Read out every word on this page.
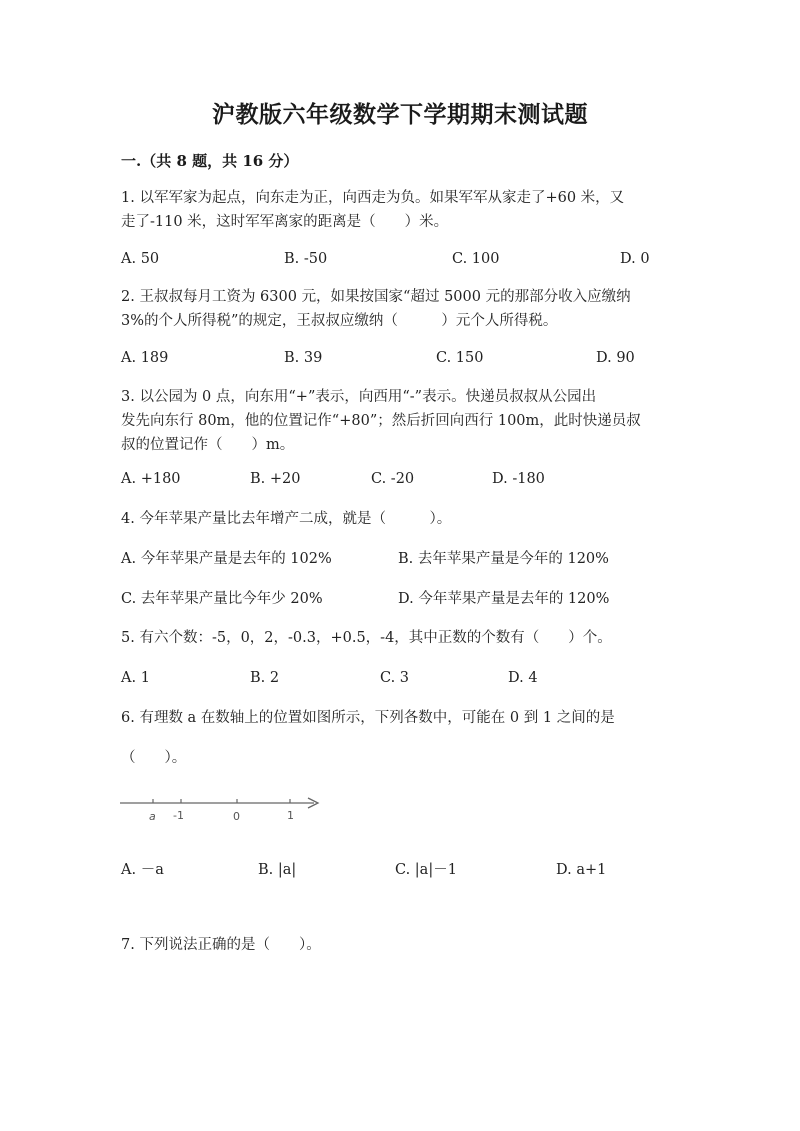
沪教版六年级数学下学期期末测试题
一.（共 8 题，共 16 分）
1. 以军军家为起点，向东走为正，向西走为负。如果军军从家走了+60 米，又
走了-110 米，这时军军离家的距离是（　　）米。
A. 50	B. -50	C. 100	D. 0
2. 王叔叔每月工资为 6300 元，如果按国家“超过 5000 元的那部分收入应缴纳
3%的个人所得税”的规定，王叔叔应缴纳（　　　）元个人所得税。
A. 189	B. 39	C. 150	D. 90
3. 以公园为 0 点，向东用“+”表示，向西用“-”表示。快递员叔叔从公园出
发先向东行 80m，他的位置记作“+80”；然后折回向西行 100m，此时快递员叔
叔的位置记作（　　）m。
A. +180	B. +20	C. -20	D. -180
4. 今年苹果产量比去年增产二成，就是（　　　）。
A. 今年苹果产量是去年的 102%	B. 去年苹果产量是今年的 120%
C. 去年苹果产量比今年少 20%	D. 今年苹果产量是去年的 120%
5. 有六个数：-5，0，2，-0.3，+0.5，-4，其中正数的个数有（　　）个。
A. 1	B. 2	C. 3	D. 4
6. 有理数 a 在数轴上的位置如图所示，下列各数中，可能在 0 到 1 之间的是
（　　）。
a -1	0	1
A. －a	B. |a|	C. |a|－1	D. a+1
7. 下列说法正确的是（　　）。
